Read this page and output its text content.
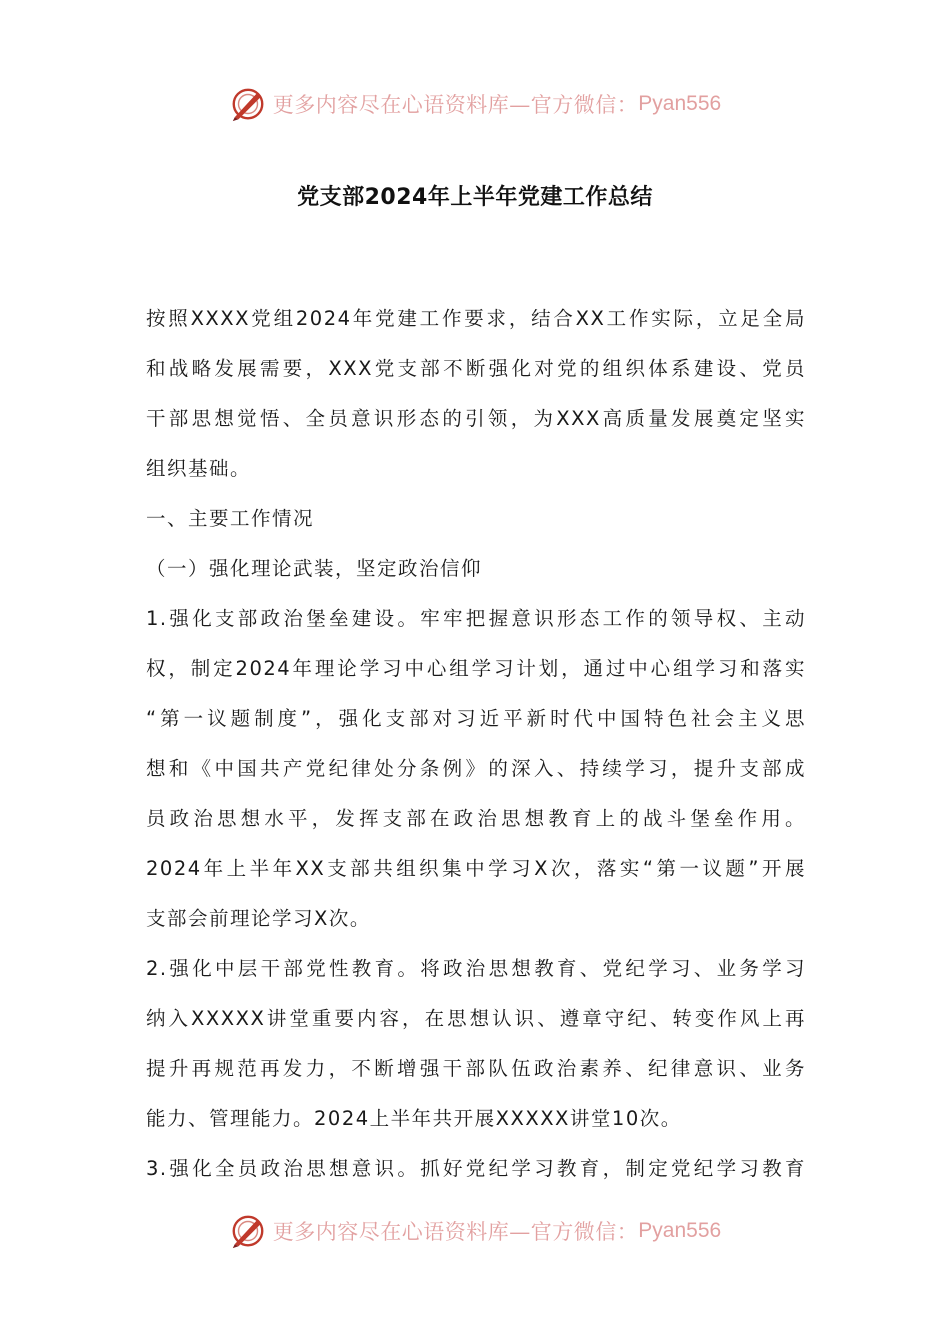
更多内容尽在心语资料库—官方微信： Pyan556
党支部2024年上半年党建工作总结
按照XXXX党组2024年党建工作要求，结合XX工作实际，立足全局
和战略发展需要，XXX党支部不断强化对党的组织体系建设、党员
干部思想觉悟、全员意识形态的引领，为XXX高质量发展奠定坚实
组织基础。
一、主要工作情况
（一）强化理论武装，坚定政治信仰
1.强化支部政治堡垒建设。牢牢把握意识形态工作的领导权、主动
权，制定2024年理论学习中心组学习计划，通过中心组学习和落实
“第一议题制度”，强化支部对习近平新时代中国特色社会主义思
想和《中国共产党纪律处分条例》的深入、持续学习，提升支部成
员政治思想水平，发挥支部在政治思想教育上的战斗堡垒作用。
2024年上半年XX支部共组织集中学习X次，落实“第一议题”开展
支部会前理论学习X次。
2.强化中层干部党性教育。将政治思想教育、党纪学习、业务学习
纳入XXXXX讲堂重要内容，在思想认识、遵章守纪、转变作风上再
提升再规范再发力，不断增强干部队伍政治素养、纪律意识、业务
能力、管理能力。2024上半年共开展XXXXX讲堂10次。
3.强化全员政治思想意识。抓好党纪学习教育，制定党纪学习教育
更多内容尽在心语资料库—官方微信： Pyan556
